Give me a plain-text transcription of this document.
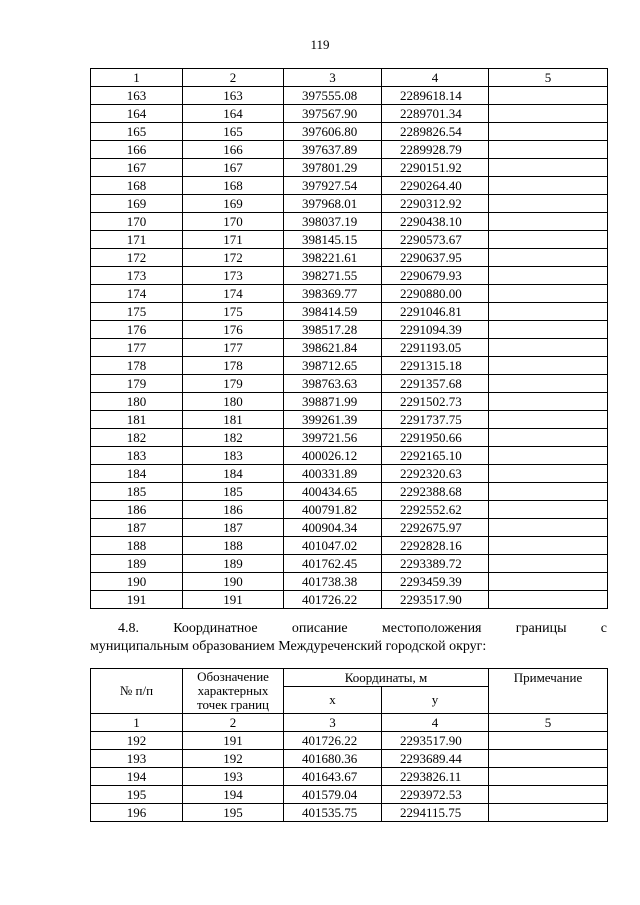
119
1	2	3	4	5
163	163	397555.08	2289618.14	
164	164	397567.90	2289701.34	
165	165	397606.80	2289826.54	
166	166	397637.89	2289928.79	
167	167	397801.29	2290151.92	
168	168	397927.54	2290264.40	
169	169	397968.01	2290312.92	
170	170	398037.19	2290438.10	
171	171	398145.15	2290573.67	
172	172	398221.61	2290637.95	
173	173	398271.55	2290679.93	
174	174	398369.77	2290880.00	
175	175	398414.59	2291046.81	
176	176	398517.28	2291094.39	
177	177	398621.84	2291193.05	
178	178	398712.65	2291315.18	
179	179	398763.63	2291357.68	
180	180	398871.99	2291502.73	
181	181	399261.39	2291737.75	
182	182	399721.56	2291950.66	
183	183	400026.12	2292165.10	
184	184	400331.89	2292320.63	
185	185	400434.65	2292388.68	
186	186	400791.82	2292552.62	
187	187	400904.34	2292675.97	
188	188	401047.02	2292828.16	
189	189	401762.45	2293389.72	
190	190	401738.38	2293459.39	
191	191	401726.22	2293517.90	
4.8. Координатное описание местоположения границы с
муниципальным образованием Междуреченский городской округ:
№ п/п	Обозначение характерных точек границ	Координаты, м		Примечание
		x	y	
1	2	3	4	5
192	191	401726.22	2293517.90	
193	192	401680.36	2293689.44	
194	193	401643.67	2293826.11	
195	194	401579.04	2293972.53	
196	195	401535.75	2294115.75	
